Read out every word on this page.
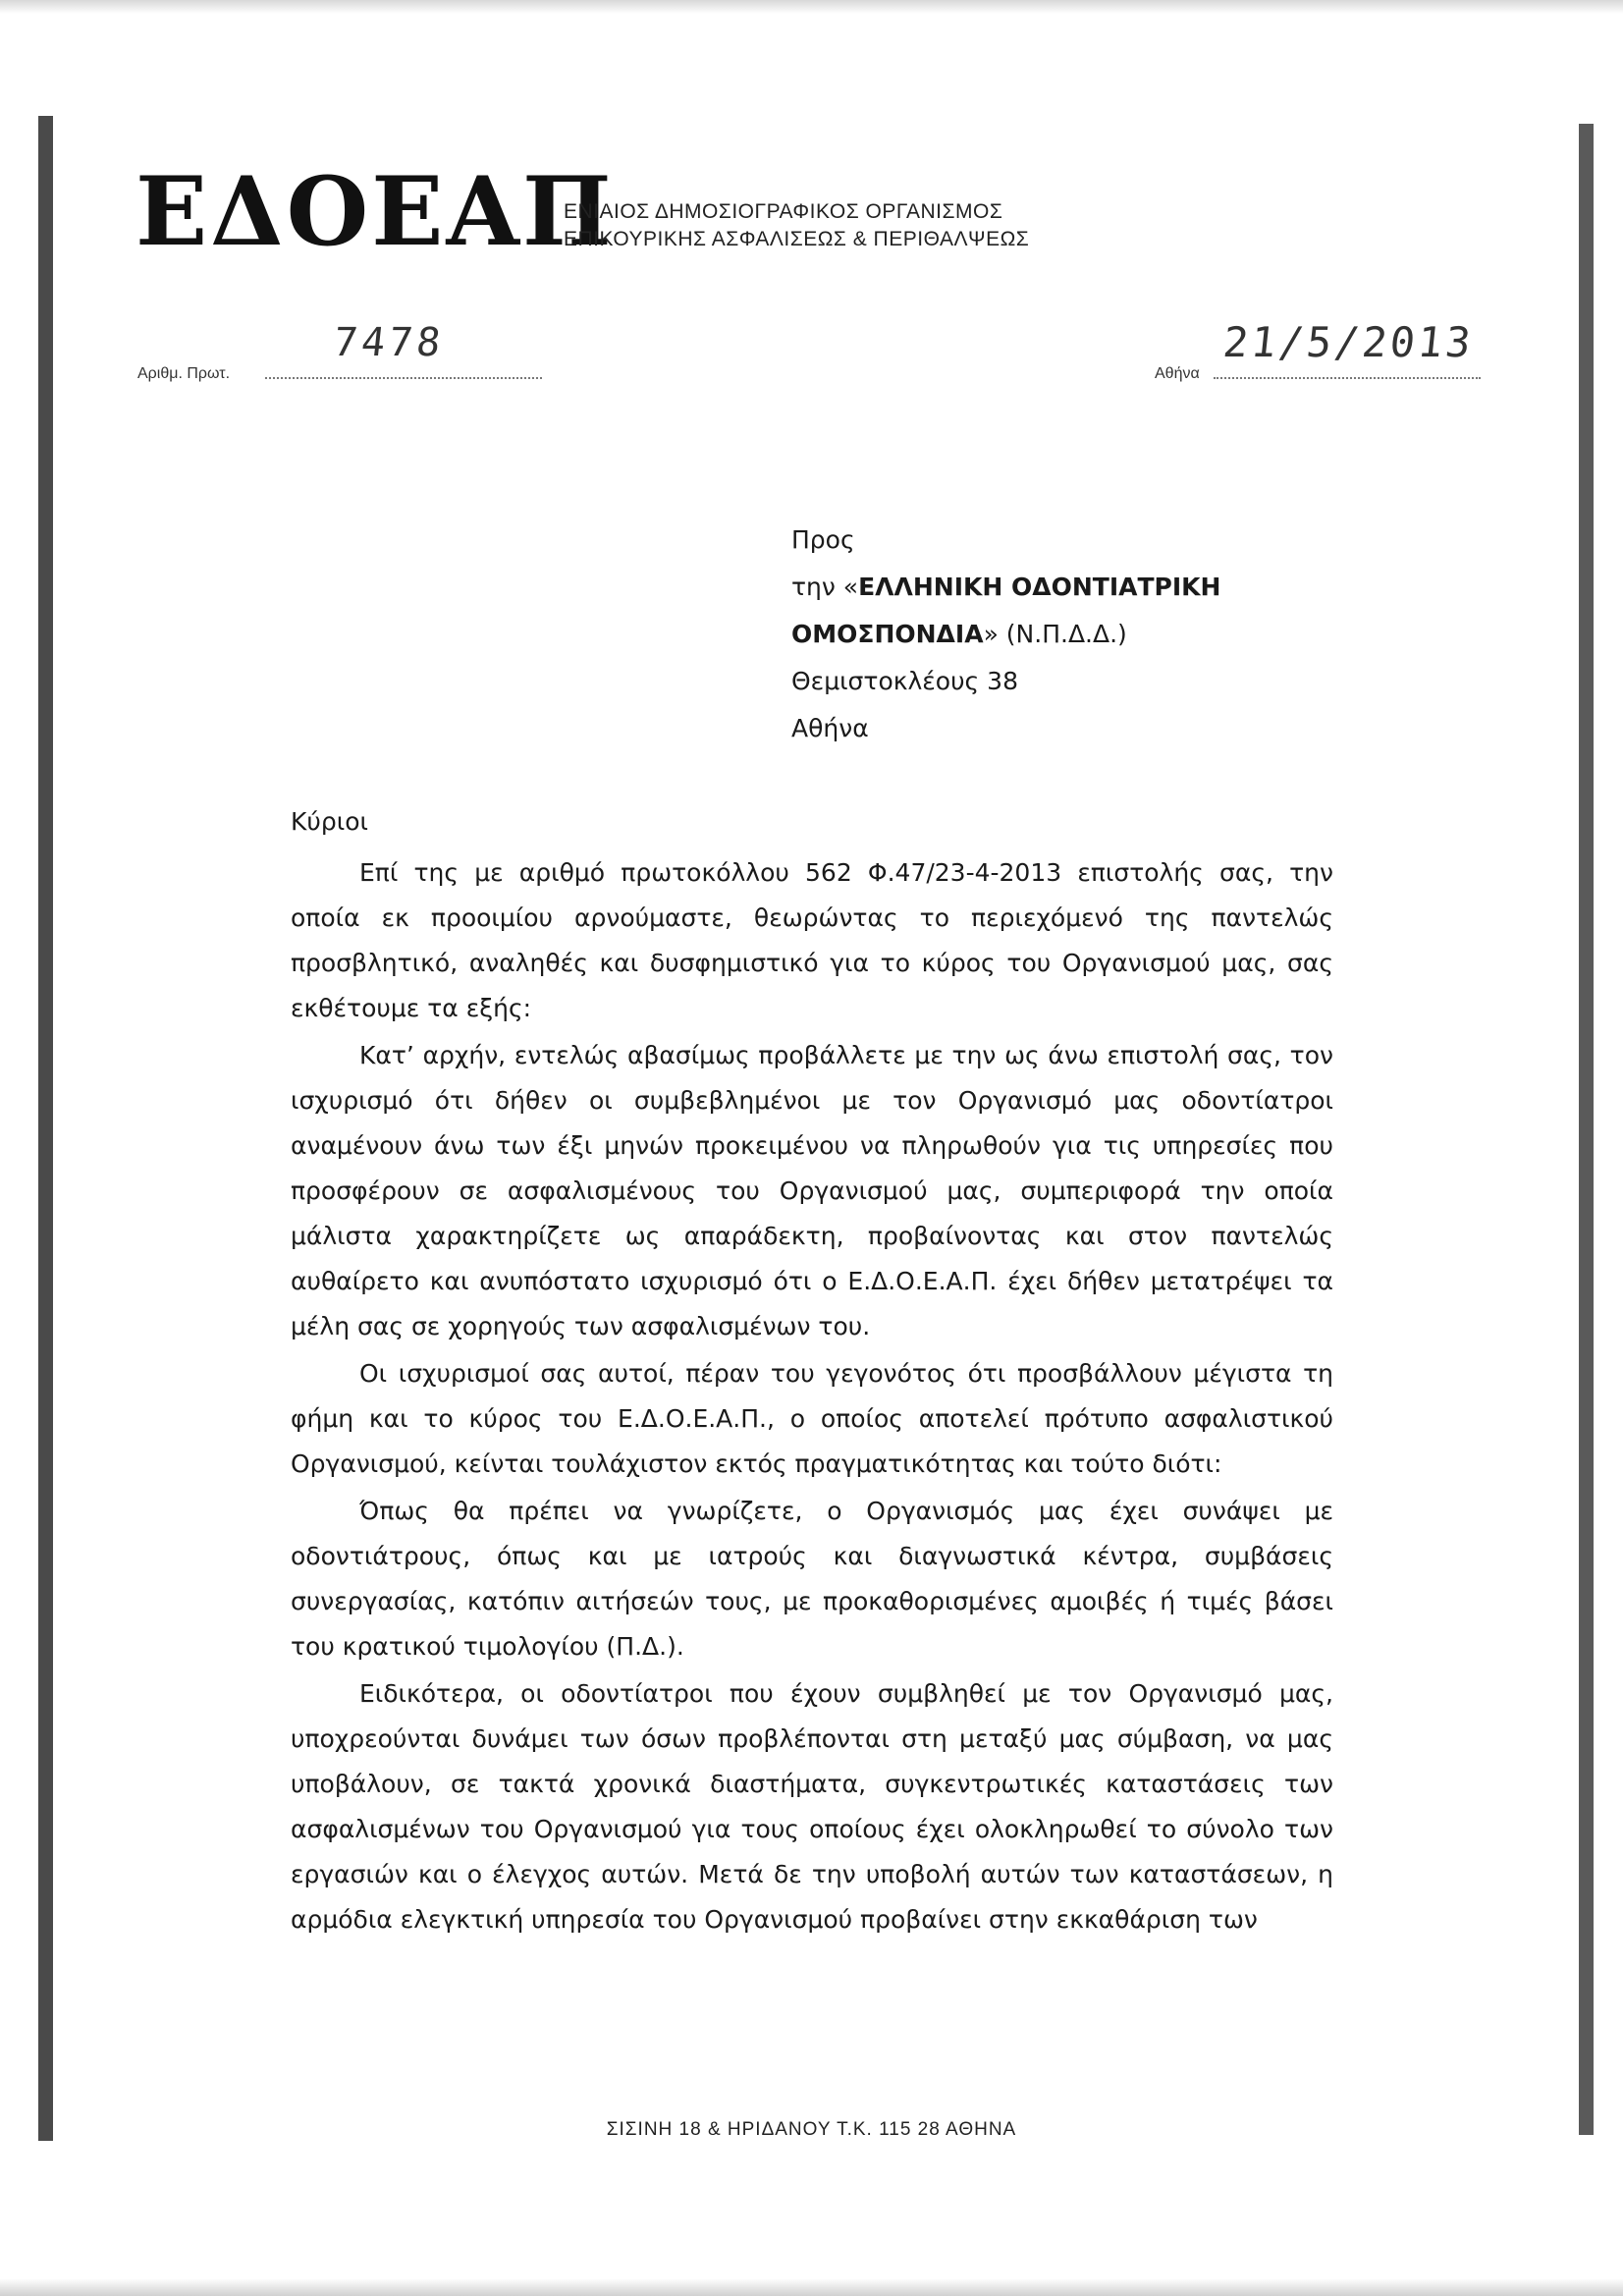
ΕΔΟΕΑΠ
ΕΝΙΑΙΟΣ ΔΗΜΟΣΙΟΓΡΑΦΙΚΟΣ ΟΡΓΑΝΙΣΜΟΣ
ΕΠΙΚΟΥΡΙΚΗΣ ΑΣΦΑΛΙΣΕΩΣ & ΠΕΡΙΘΑΛΨΕΩΣ
Αριθμ. Πρωτ.
7478
Αθήνα
21/5/2013
Προς
την «ΕΛΛΗΝΙΚΗ ΟΔΟΝΤΙΑΤΡΙΚΗ
ΟΜΟΣΠΟΝΔΙΑ» (Ν.Π.Δ.Δ.)
Θεμιστοκλέους 38
Αθήνα
Κύριοι

Επί της με αριθμό πρωτοκόλλου 562 Φ.47/23-4-2013 επιστολής σας, την οποία εκ προοιμίου αρνούμαστε, θεωρώντας το περιεχόμενό της παντελώς προσβλητικό, αναληθές και δυσφημιστικό για το κύρος του Οργανισμού μας, σας εκθέτουμε τα εξής:

Κατ’ αρχήν, εντελώς αβασίμως προβάλλετε με την ως άνω επιστολή σας, τον ισχυρισμό ότι δήθεν οι συμβεβλημένοι με τον Οργανισμό μας οδοντίατροι αναμένουν άνω των έξι μηνών προκειμένου να πληρωθούν για τις υπηρεσίες που προσφέρουν σε ασφαλισμένους του Οργανισμού μας, συμπεριφορά την οποία μάλιστα χαρακτηρίζετε ως απαράδεκτη, προβαίνοντας και στον παντελώς αυθαίρετο και ανυπόστατο ισχυρισμό ότι ο Ε.Δ.Ο.Ε.Α.Π. έχει δήθεν μετατρέψει τα μέλη σας σε χορηγούς των ασφαλισμένων του.

Οι ισχυρισμοί σας αυτοί, πέραν του γεγονότος ότι προσβάλλουν μέγιστα τη φήμη και το κύρος του Ε.Δ.Ο.Ε.Α.Π., ο οποίος αποτελεί πρότυπο ασφαλιστικού Οργανισμού, κείνται τουλάχιστον εκτός πραγματικότητας και τούτο διότι:

Όπως θα πρέπει να γνωρίζετε, ο Οργανισμός μας έχει συνάψει με οδοντιάτρους, όπως και με ιατρούς και διαγνωστικά κέντρα, συμβάσεις συνεργασίας, κατόπιν αιτήσεών τους, με προκαθορισμένες αμοιβές ή τιμές βάσει του κρατικού τιμολογίου (Π.Δ.).

Ειδικότερα, οι οδοντίατροι που έχουν συμβληθεί με τον Οργανισμό μας, υποχρεούνται δυνάμει των όσων προβλέπονται στη μεταξύ μας σύμβαση, να μας υποβάλουν, σε τακτά χρονικά διαστήματα, συγκεντρωτικές καταστάσεις των ασφαλισμένων του Οργανισμού για τους οποίους έχει ολοκληρωθεί το σύνολο των εργασιών και ο έλεγχος αυτών. Μετά δε την υποβολή αυτών των καταστάσεων, η αρμόδια ελεγκτική υπηρεσία του Οργανισμού προβαίνει στην εκκαθάριση των

ΣΙΣΙΝΗ 18 & ΗΡΙΔΑΝΟΥ Τ.Κ. 115 28 ΑΘΗΝΑ
